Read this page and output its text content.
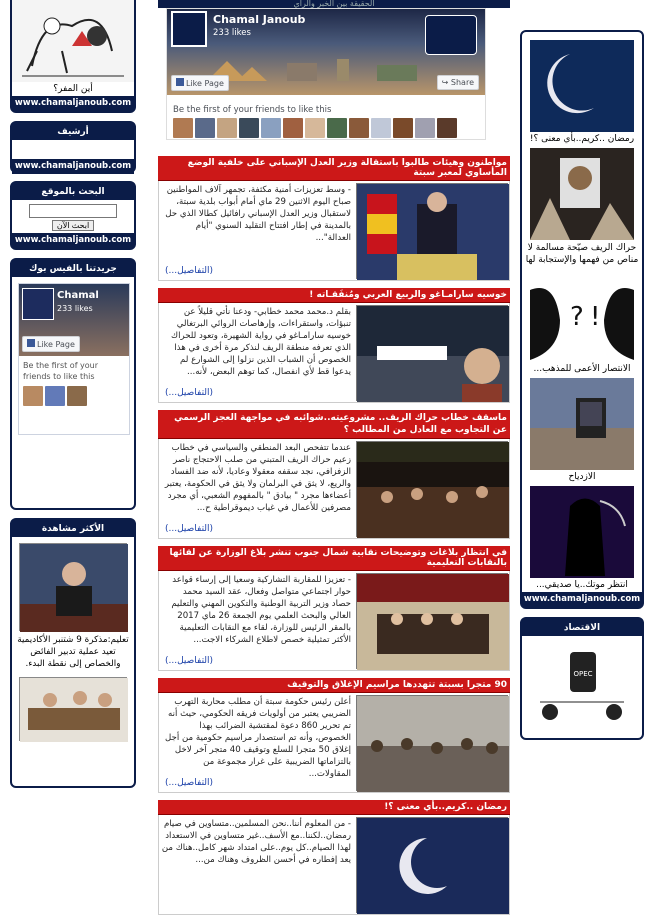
أين المفر؟
www.chamaljanoub.com
أرشيف
www.chamaljanoub.com
البحث بالموقع
ابحث الآن
www.chamaljanoub.com
جريدتنا بالفيس بوك
Chamal
233 likes
Like Page
Be the first of your friends to like this
الأكثر مشاهدة
تعليم:مذكرة 9 شتنبر الأكاديمية تعيد عملية تدبير الفائض والخصاص إلى نقطة البدء.
الحقيقة بين الخبر والرأي
Chamal Janoub
233 likes
Like Page	↪ Share
Be the first of your friends to like this
مواطنون وهيئات طالبوا باستقالة وزير العدل الإسباني على خلفية الوضع المأساوي لمعبر سبتة
- وسط تعزيزات أمنية مكثفة، تجمهر آلاف المواطنين صباح اليوم الاثنين 29 ماي أمام أبواب بلدية سبتة، لاستقبال وزير العدل الإسباني رافائيل كطالا الذي حل بالمدينة في إطار افتتاح التقليد السنوي "أيام العدالة"...
(التفاصيل...)
خوسيه سارامـاغو والربيع العربي ومُنفَقـاته !
بقلم د.محمد محمد خطابي- ودعنا نأتي قليلاً عن تنبؤات، واستقراءات، وإرهاصات الروائي البرتغالي خوسيه سارامـاغو في رواية الشهيرة، وتعود للحراك الذي تعرفه منطقة الريف لنذكر مرة أخرى في هذا الخصوص أن الشباب الذين نزلوا إلى الشوارع لم يدعوا قط لأي انفصال، كما توهم البعض، لأنه...
(التفاصيل...)
ماسقف خطاب حراك الريف.. مشروعيته..شوائبه في مواجهة العجز الرسمي عن التجاوب مع العادل من المطالب ؟
عندما تتفحص البعد المنطقي والسياسي في خطاب زعيم حراك الريف المتبني من صلب الاحتجاج ناصر الزفزافي، نجد سقفه معقولا وعاديا، لأنه ضد الفساد والريع، لا يثق في البرلمان ولا يثق في الحكومة، يعتبر أعضاءها مجرد " بيادق " بالمفهوم الشعبي، أي مجرد مصرفين للأعمال في غياب ديموقراطية ح...
(التفاصيل...)
في انتظار بلاغات وتوضيحات نقابية شمال جنوب تنشر بلاغ الوزارة عن لقائها بالنقابات التعليمية
- تعزيزا للمقاربة التشاركية وسعيا إلى إرساء قواعد حوار اجتماعي متواصل وفعال، عقد السيد محمد حصاد وزير التربية الوطنية والتكوين المهني والتعليم العالي والبحث العلمي يوم الجمعة 26 ماي 2017 بالمقر الرئيس للوزارة، لقاء مع النقابات التعليمية الأكثر تمثيلية خصص لاطلاع الشركاء الاجت...
(التفاصيل...)
90 متجرا بسبتة تتهددها مراسيم الإغلاق والتوقيف
أعلن رئيس حكومة سبتة أن مطلب محاربة التهرب الضريبي يعتبر من أولويات فريقه الحكومي، حيث أنه تم تحرير 860 دعوة لمقتشية الضرائب بهذا الخصوص، وأنه تم استصدار مراسيم حكومية من أجل إغلاق 50 متجرا للسلع وتوقيف 40 متجر آخر لاخل بالتزاماتها الضريبية على غرار مجموعة من المقاولات...
(التفاصيل...)
رمضان ..كريم..بأي معنى ؟!
- من المعلوم أننا..نحن المسلمين..متساوين في صيام رمضان..لكننا..مع الأسف..غير متساوين في الاستعداد لهذا الصيام..كل يوم..على امتداد شهر كامل..هناك من يعد إفطاره في أحسن الظروف وهناك من...
رمضان ..كريم..بأي معنى ؟!
حراك الريف صيّحة مسالمة لا مناص من فهمها والإستجابة لها
? !
الانتصار الأعمى للمذهب...
الازدياح
انتظر موتك..يا صديقي...
www.chamaljanoub.com
الاقتصاد
OPEC
